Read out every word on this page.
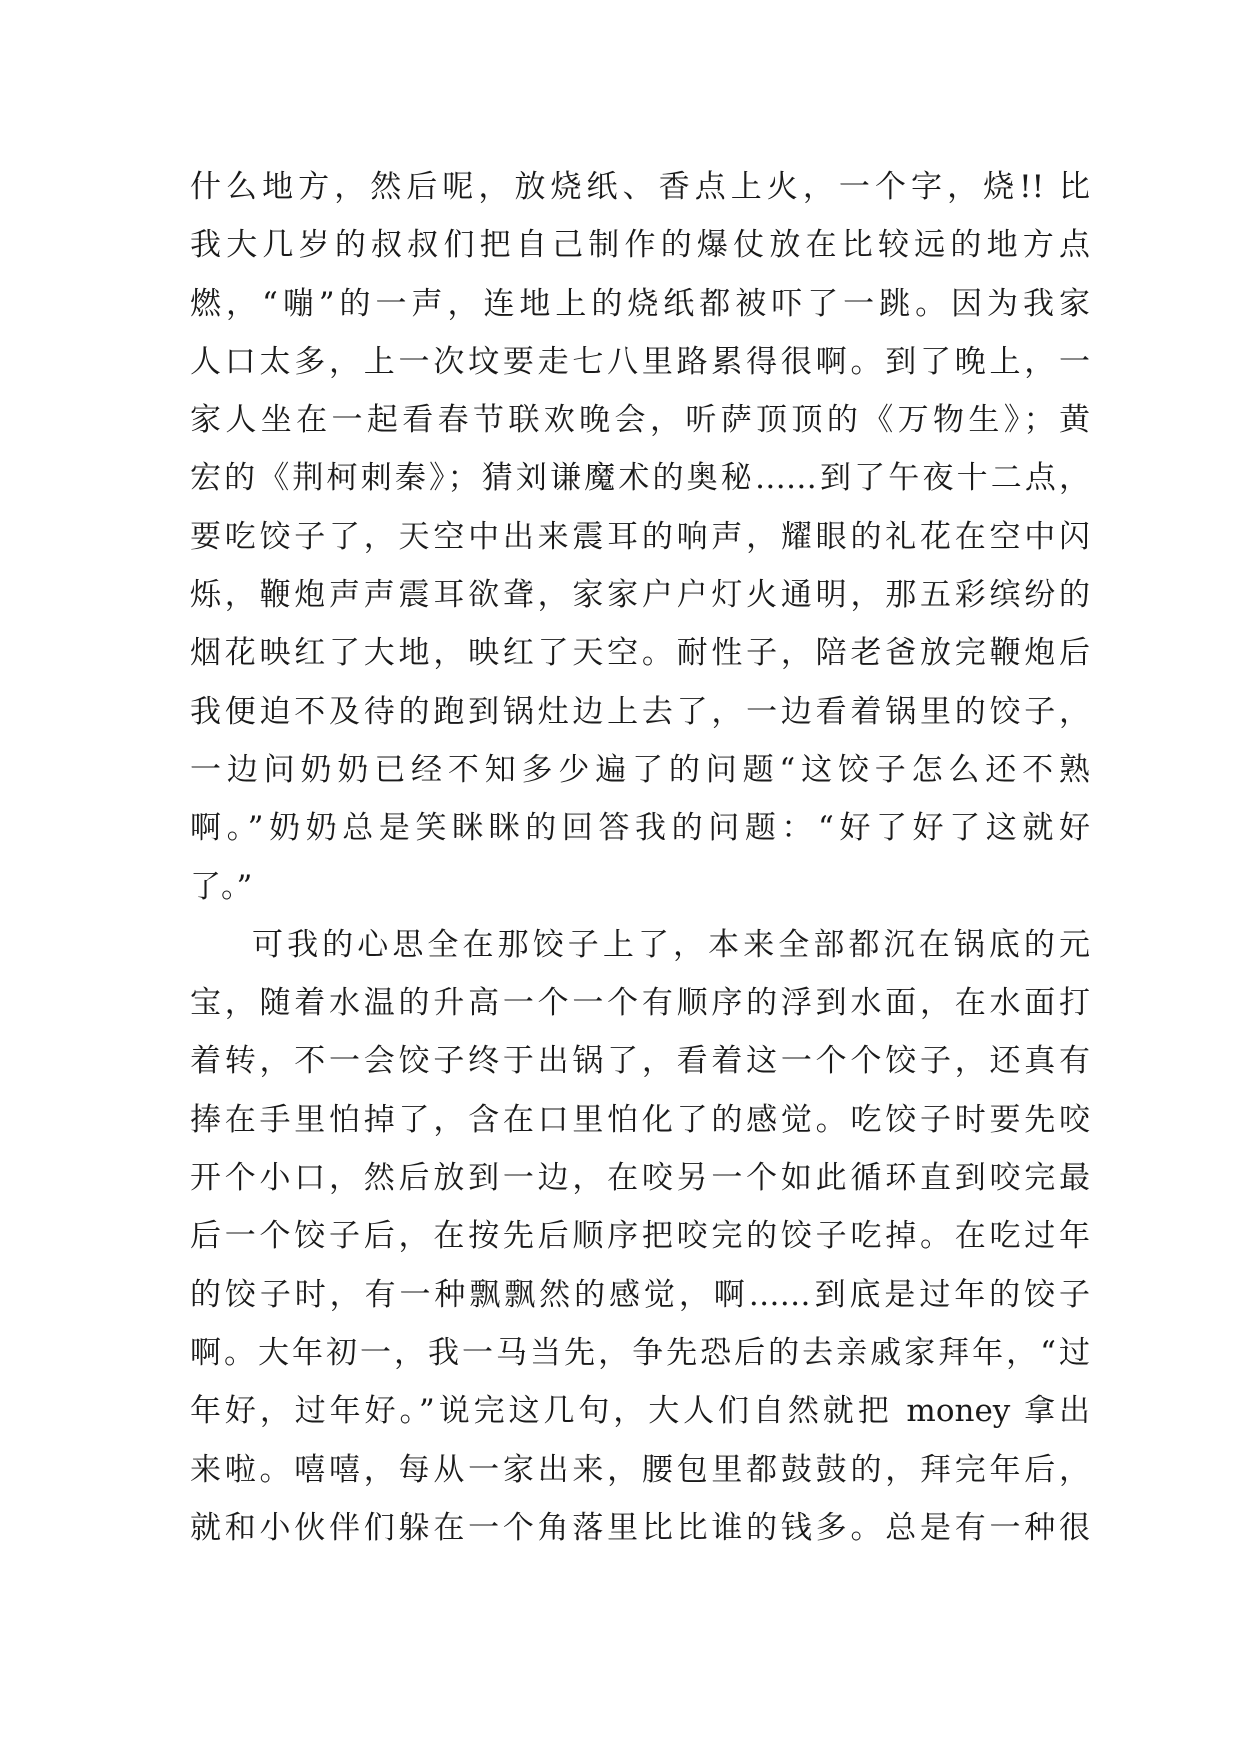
什么地方，然后呢，放烧纸、香点上火，一个字，烧!! 比
我大几岁的叔叔们把自己制作的爆仗放在比较远的地方点
燃，“嘣”的一声，连地上的烧纸都被吓了一跳。因为我家
人口太多，上一次坟要走七八里路累得很啊。到了晚上，一
家人坐在一起看春节联欢晚会，听萨顶顶的《万物生》；黄
宏的《荆柯刺秦》；猜刘谦魔术的奥秘……到了午夜十二点，
要吃饺子了，天空中出来震耳的响声，耀眼的礼花在空中闪
烁，鞭炮声声震耳欲聋，家家户户灯火通明，那五彩缤纷的
烟花映红了大地，映红了天空。耐性子，陪老爸放完鞭炮后
我便迫不及待的跑到锅灶边上去了，一边看着锅里的饺子，
一边问奶奶已经不知多少遍了的问题“这饺子怎么还不熟
啊。”奶奶总是笑眯眯的回答我的问题：“好了好了这就好
了。”
可我的心思全在那饺子上了，本来全部都沉在锅底的元
宝，随着水温的升高一个一个有顺序的浮到水面，在水面打
着转，不一会饺子终于出锅了，看着这一个个饺子，还真有
捧在手里怕掉了，含在口里怕化了的感觉。吃饺子时要先咬
开个小口，然后放到一边，在咬另一个如此循环直到咬完最
后一个饺子后，在按先后顺序把咬完的饺子吃掉。在吃过年
的饺子时，有一种飘飘然的感觉，啊……到底是过年的饺子
啊。大年初一，我一马当先，争先恐后的去亲戚家拜年，“过
年好，过年好。”说完这几句，大人们自然就把 money 拿出
来啦。嘻嘻，每从一家出来，腰包里都鼓鼓的，拜完年后，
就和小伙伴们躲在一个角落里比比谁的钱多。总是有一种很
